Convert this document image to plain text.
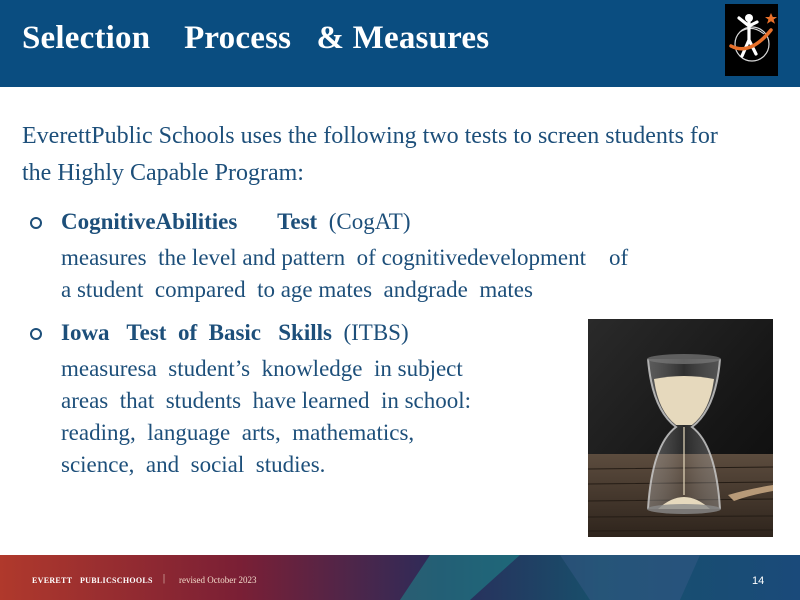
Selection    Process   & Measures
EverettPublic Schools uses the following two tests to screen students for the Highly Capable Program:
CognitiveAbilities       Test  (CogAT)
measures  the level and pattern  of cognitivedevelopment    of
a student  compared  to age mates  andgrade  mates
Iowa   Test  of  Basic   Skills  (ITBS)
measuresa  student’s  knowledge  in subject
areas  that  students  have learned  in school:
reading,  language  arts,  mathematics,
science,  and  social  studies.
EVERETT PUBLICSCHOOLS | revised October 2023	14
